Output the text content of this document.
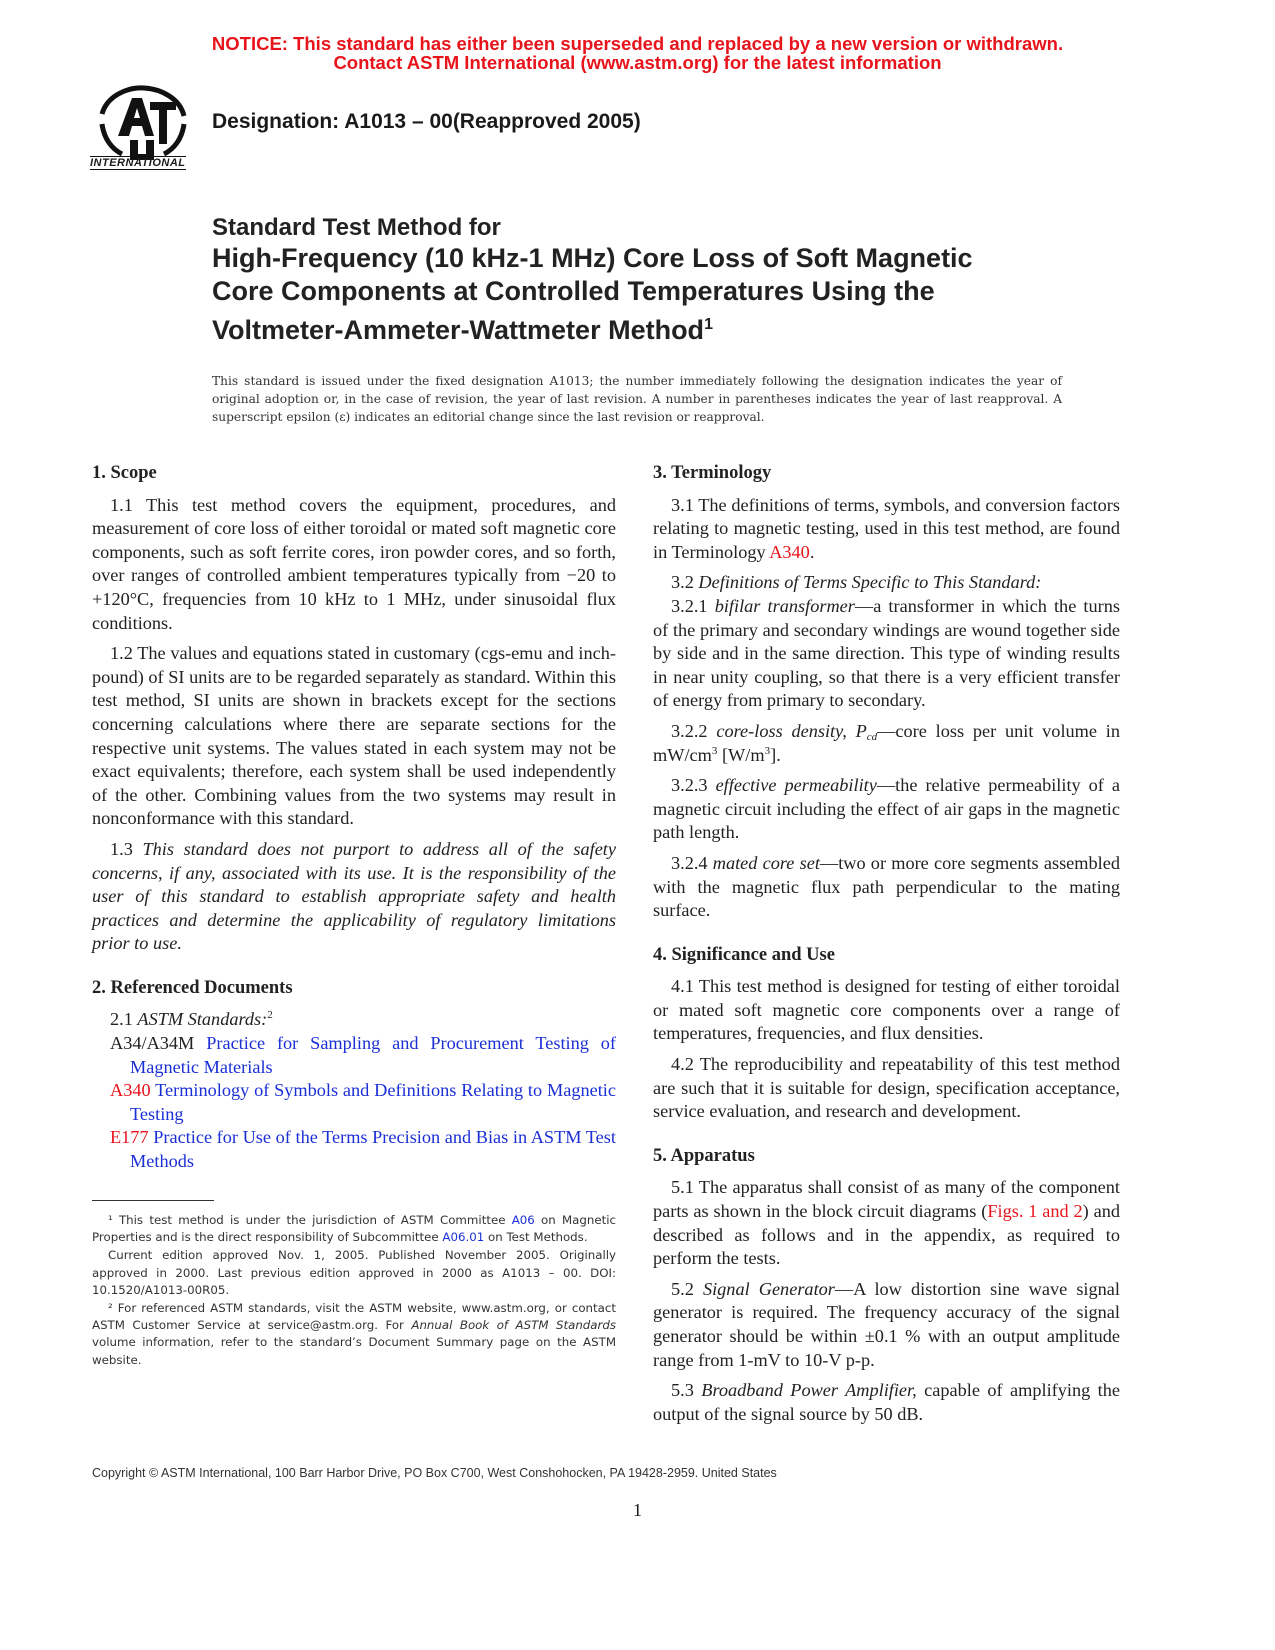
NOTICE: This standard has either been superseded and replaced by a new version or withdrawn.
Contact ASTM International (www.astm.org) for the latest information
INTERNATIONAL
Designation: A1013 – 00(Reapproved 2005)
Standard Test Method for
High-Frequency (10 kHz-1 MHz) Core Loss of Soft Magnetic
Core Components at Controlled Temperatures Using the
Voltmeter-Ammeter-Wattmeter Method$^1$
This standard is issued under the fixed designation A1013; the number immediately following the designation indicates the year of original adoption or, in the case of revision, the year of last revision. A number in parentheses indicates the year of last reapproval. A superscript epsilon (ε) indicates an editorial change since the last revision or reapproval.
1. Scope

1.1 This test method covers the equipment, procedures, and measurement of core loss of either toroidal or mated soft magnetic core components, such as soft ferrite cores, iron powder cores, and so forth, over ranges of controlled ambient temperatures typically from −20 to +120°C, frequencies from 10 kHz to 1 MHz, under sinusoidal flux conditions.

1.2 The values and equations stated in customary (cgs-emu and inch-pound) of SI units are to be regarded separately as standard. Within this test method, SI units are shown in brackets except for the sections concerning calculations where there are separate sections for the respective unit systems. The values stated in each system may not be exact equivalents; therefore, each system shall be used independently of the other. Combining values from the two systems may result in nonconformance with this standard.

1.3 This standard does not purport to address all of the safety concerns, if any, associated with its use. It is the responsibility of the user of this standard to establish appropriate safety and health practices and determine the applicability of regulatory limitations prior to use.

2. Referenced Documents

2.1 ASTM Standards:$^2$

A34/A34M Practice for Sampling and Procurement Testing of Magnetic Materials
A340 Terminology of Symbols and Definitions Relating to Magnetic Testing
E177 Practice for Use of the Terms Precision and Bias in ASTM Test Methods

¹ This test method is under the jurisdiction of ASTM Committee A06 on Magnetic Properties and is the direct responsibility of Subcommittee A06.01 on Test Methods.

Current edition approved Nov. 1, 2005. Published November 2005. Originally approved in 2000. Last previous edition approved in 2000 as A1013 – 00. DOI: 10.1520/A1013-00R05.

² For referenced ASTM standards, visit the ASTM website, www.astm.org, or contact ASTM Customer Service at service@astm.org. For Annual Book of ASTM Standards volume information, refer to the standard’s Document Summary page on the ASTM website.

3. Terminology

3.1 The definitions of terms, symbols, and conversion factors relating to magnetic testing, used in this test method, are found in Terminology A340.

3.2 Definitions of Terms Specific to This Standard:

3.2.1 bifilar transformer—a transformer in which the turns of the primary and secondary windings are wound together side by side and in the same direction. This type of winding results in near unity coupling, so that there is a very efficient transfer of energy from primary to secondary.

3.2.2 core-loss density, $P_{cd}—core$ loss per unit volume in $mW/cm^3$ $[W/m^3]$.

3.2.3 effective permeability—the relative permeability of a magnetic circuit including the effect of air gaps in the magnetic path length.

3.2.4 mated core set—two or more core segments assembled with the magnetic flux path perpendicular to the mating surface.

4. Significance and Use

4.1 This test method is designed for testing of either toroidal or mated soft magnetic core components over a range of temperatures, frequencies, and flux densities.

4.2 The reproducibility and repeatability of this test method are such that it is suitable for design, specification acceptance, service evaluation, and research and development.

5. Apparatus

5.1 The apparatus shall consist of as many of the component parts as shown in the block circuit diagrams (Figs. 1 and 2) and described as follows and in the appendix, as required to perform the tests.

5.2 Signal Generator—A low distortion sine wave signal generator is required. The frequency accuracy of the signal generator should be within ±0.1 % with an output amplitude range from 1-mV to 10-V p-p.

5.3 Broadband Power Amplifier, capable of amplifying the output of the signal source by 50 dB.

Copyright © ASTM International, 100 Barr Harbor Drive, PO Box C700, West Conshohocken, PA 19428-2959. United States
1
